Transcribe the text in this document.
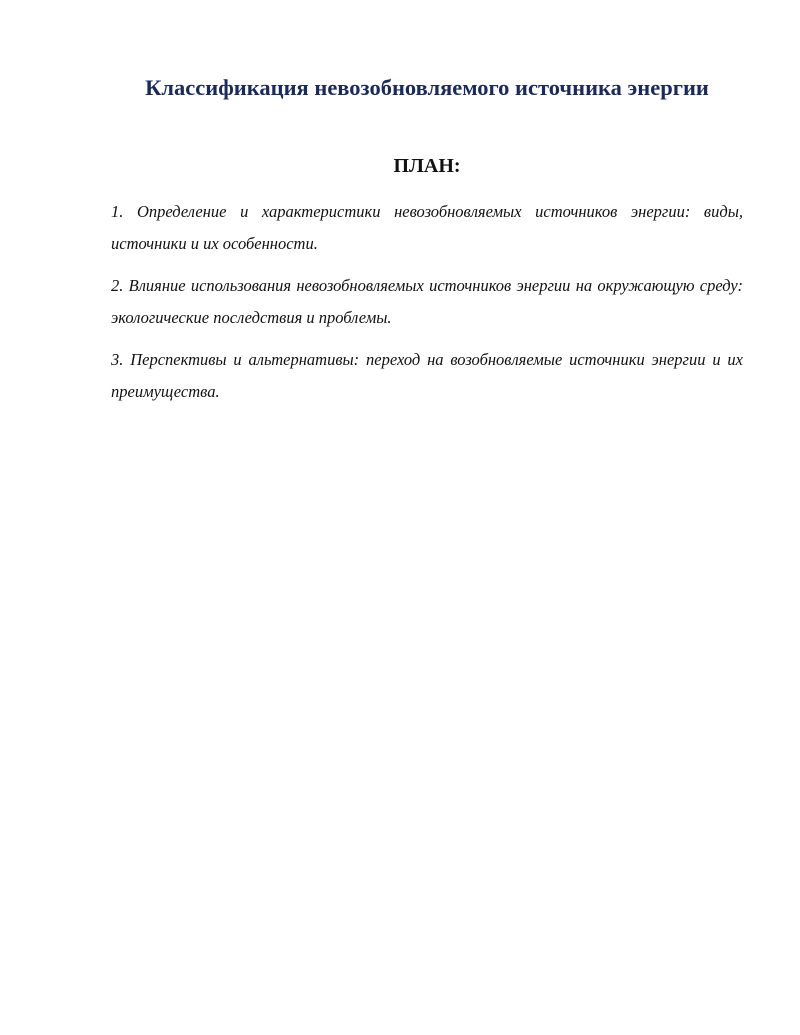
Классификация невозобновляемого источника энергии
ПЛАН:
1. Определение и характеристики невозобновляемых источников энергии: виды, источники и их особенности.
2. Влияние использования невозобновляемых источников энергии на окружающую среду: экологические последствия и проблемы.
3. Перспективы и альтернативы: переход на возобновляемые источники энергии и их преимущества.
